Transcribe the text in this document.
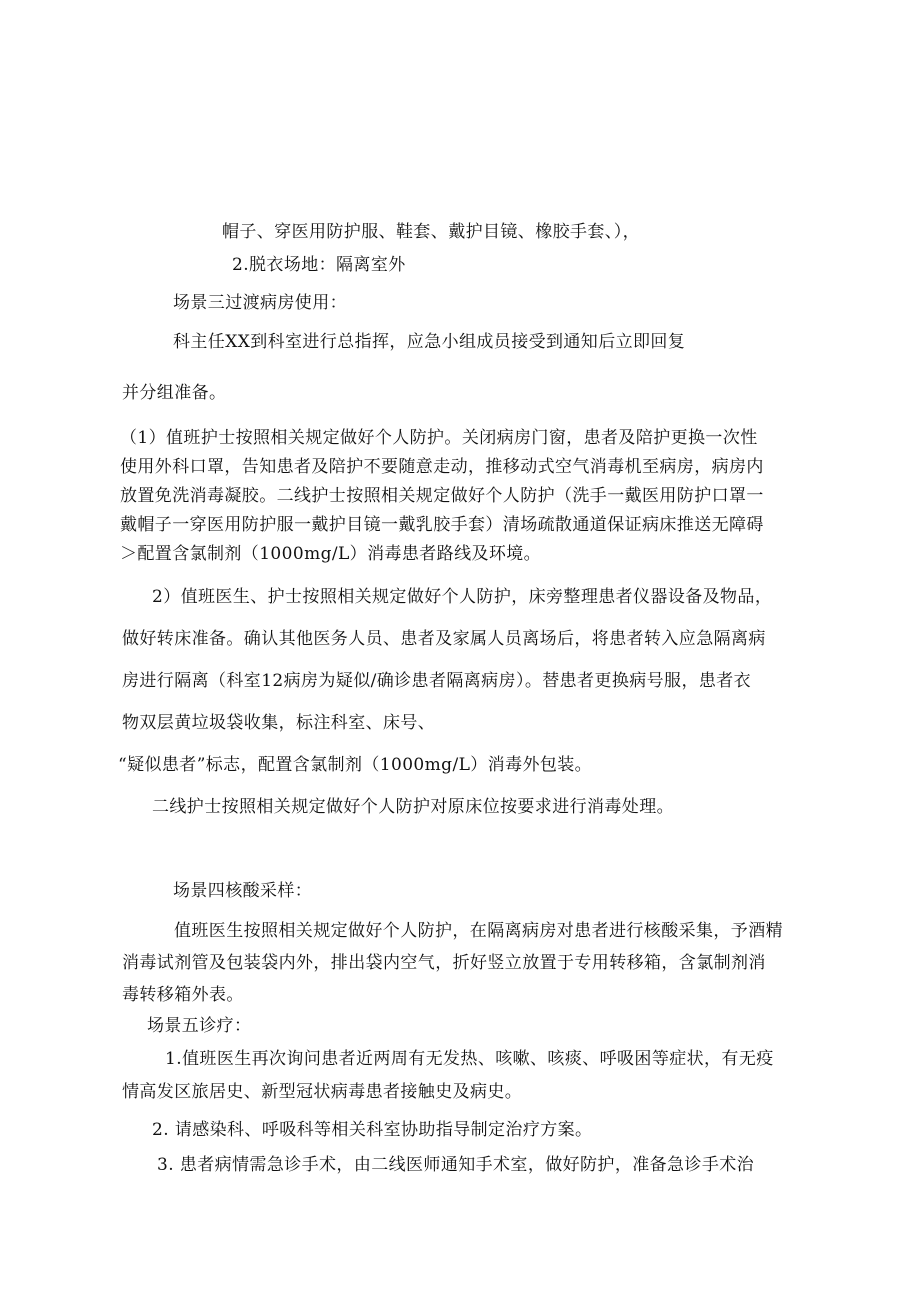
帽子、穿医用防护服、鞋套、戴护目镜、橡胶手套、），

2.脱衣场地：隔离室外

场景三过渡病房使用：

科主任XX到科室进行总指挥，应急小组成员接受到通知后立即回复

并分组准备。

（1）值班护士按照相关规定做好个人防护。关闭病房门窗，患者及陪护更换一次性

使用外科口罩，告知患者及陪护不要随意走动，推移动式空气消毒机至病房，病房内

放置免洗消毒凝胶。二线护士按照相关规定做好个人防护（洗手一戴医用防护口罩一

戴帽子一穿医用防护服一戴护目镜一戴乳胶手套）清场疏散通道保证病床推送无障碍

＞配置含氯制剂（1000mg/L）消毒患者路线及环境。

2）值班医生、护士按照相关规定做好个人防护，床旁整理患者仪器设备及物品，

做好转床准备。确认其他医务人员、患者及家属人员离场后，将患者转入应急隔离病

房进行隔离（科室12病房为疑似/确诊患者隔离病房）。替患者更换病号服，患者衣

物双层黄垃圾袋收集，标注科室、床号、

“疑似患者”标志，配置含氯制剂（1000mg/L）消毒外包装。

二线护士按照相关规定做好个人防护对原床位按要求进行消毒处理。

场景四核酸采样：

值班医生按照相关规定做好个人防护，在隔离病房对患者进行核酸采集，予酒精

消毒试剂管及包装袋内外，排出袋内空气，折好竖立放置于专用转移箱，含氯制剂消

毒转移箱外表。

场景五诊疗：

1.值班医生再次询问患者近两周有无发热、咳嗽、咳痰、呼吸困等症状，有无疫

情高发区旅居史、新型冠状病毒患者接触史及病史。

2. 请感染科、呼吸科等相关科室协助指导制定治疗方案。

3. 患者病情需急诊手术，由二线医师通知手术室，做好防护，准备急诊手术治
